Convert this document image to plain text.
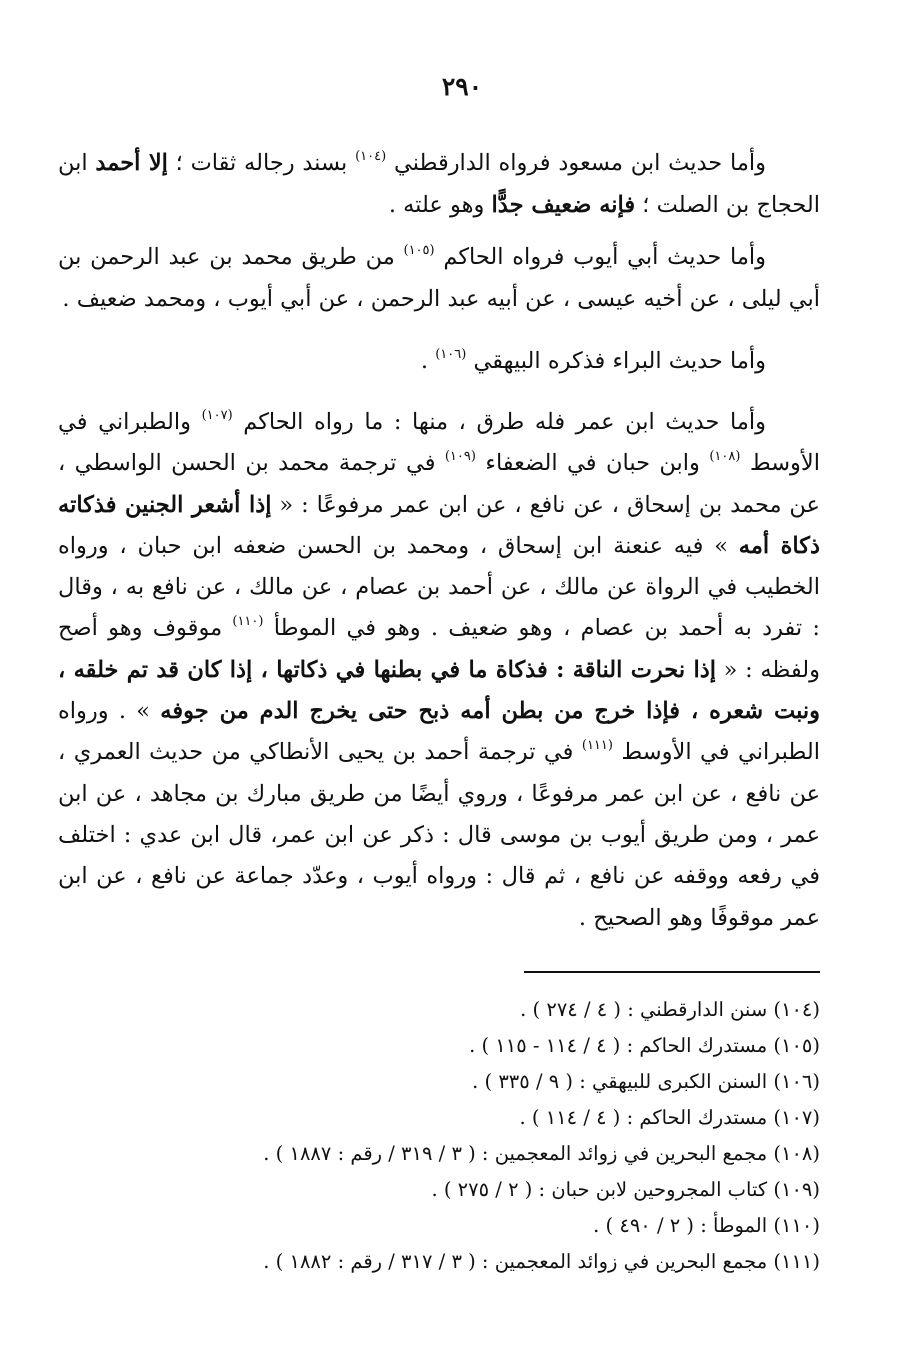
٢٩٠

وأما حديث ابن مسعود فرواه الدارقطني $^{(١٠٤)}$ بسند رجاله ثقات ؛ إلا أحمد ابن الحجاج بن الصلت ؛ فإنه ضعيف جدًّا وهو علته .

وأما حديث أبي أيوب فرواه الحاكم $^{(١٠٥)}$ من طريق محمد بن عبد الرحمن بن أبي ليلى ، عن أخيه عيسى ، عن أبيه عبد الرحمن ، عن أبي أيوب ، ومحمد ضعيف .

وأما حديث البراء فذكره البيهقي $^{(١٠٦)}$ .

وأما حديث ابن عمر فله طرق ، منها : ما رواه الحاكم $^{(١٠٧)}$ والطبراني في الأوسط $^{(١٠٨)}$ وابن حبان في الضعفاء $^{(١٠٩)}$ في ترجمة محمد بن الحسن الواسطي ، عن محمد بن إسحاق ، عن نافع ، عن ابن عمر مرفوعًا : « إذا أشعر الجنين فذكاته ذكاة أمه » فيه عنعنة ابن إسحاق ، ومحمد بن الحسن ضعفه ابن حبان ، ورواه الخطيب في الرواة عن مالك ، عن أحمد بن عصام ، عن مالك ، عن نافع به ، وقال : تفرد به أحمد بن عصام ، وهو ضعيف . وهو في الموطأ $^{(١١٠)}$ موقوف وهو أصح ولفظه : « إذا نحرت الناقة : فذكاة ما في بطنها في ذكاتها ، إذا كان قد تم خلقه ، ونبت شعره ، فإذا خرج من بطن أمه ذبح حتى يخرج الدم من جوفه » . ورواه الطبراني في الأوسط $^{(١١١)}$ في ترجمة أحمد بن يحيى الأنطاكي من حديث العمري ، عن نافع ، عن ابن عمر مرفوعًا ، وروي أيضًا من طريق مبارك بن مجاهد ، عن ابن عمر ، ومن طريق أيوب بن موسى قال : ذكر عن ابن عمر، قال ابن عدي : اختلف في رفعه ووقفه عن نافع ، ثم قال : ورواه أيوب ، وعدّد جماعة عن نافع ، عن ابن عمر موقوفًا وهو الصحيح .

(١٠٤) سنن الدارقطني : ( ٤ / ٢٧٤ ) .
(١٠٥) مستدرك الحاكم : ( ٤ / ١١٤ - ١١٥ ) .
(١٠٦) السنن الكبرى للبيهقي : ( ٩ / ٣٣٥ ) .
(١٠٧) مستدرك الحاكم : ( ٤ / ١١٤ ) .
(١٠٨) مجمع البحرين في زوائد المعجمين : ( ٣ / ٣١٩ / رقم : ١٨٨٧ ) .
(١٠٩) كتاب المجروحين لابن حبان : ( ٢ / ٢٧٥ ) .
(١١٠) الموطأ : ( ٢ / ٤٩٠ ) .
(١١١) مجمع البحرين في زوائد المعجمين : ( ٣ / ٣١٧ / رقم : ١٨٨٢ ) .
